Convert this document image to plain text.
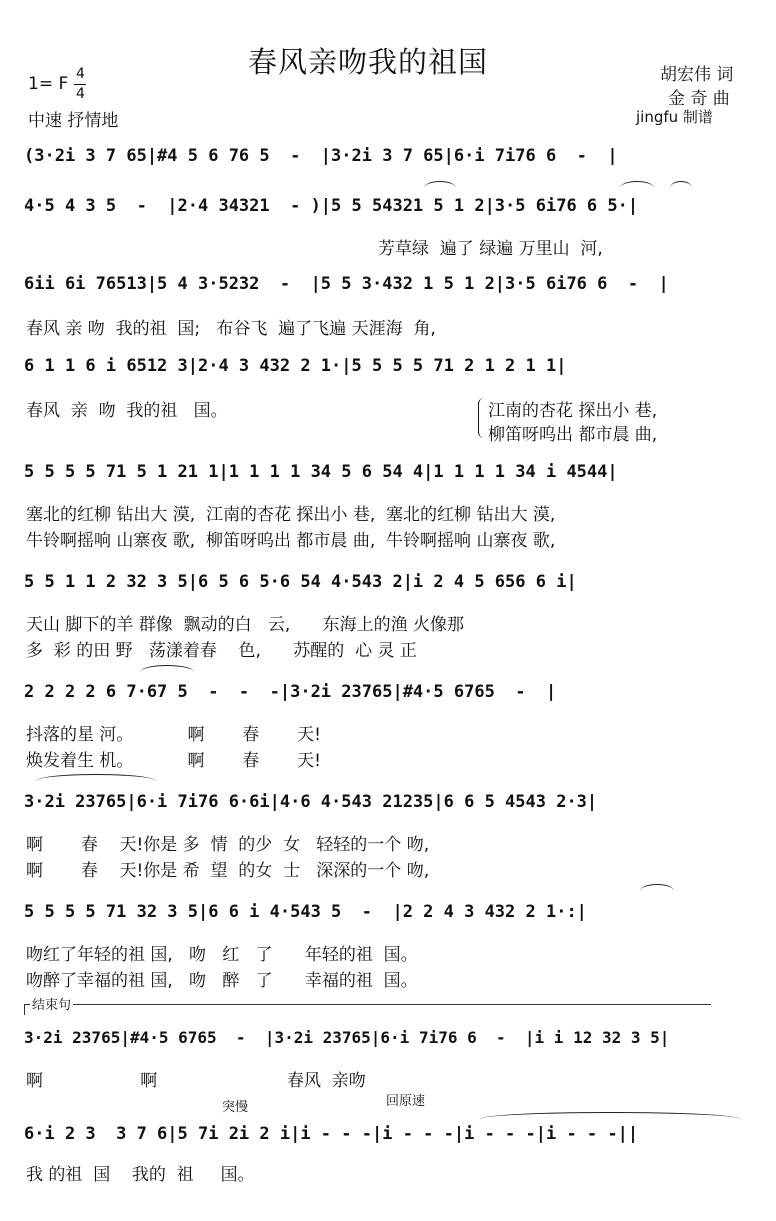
春风亲吻我的祖国	胡宏伟 词
金 奇 曲
jingfu 制谱
1= F 4
4
中速 抒情地
(3·2i 3 7 65|#4 5 6 76 5  -  |3·2i 3 7 65|6·i 7i76 6  -  |
4·5 4 3 5  -  |2·4 34321  - )|5 5 54321 5 1 2|3·5 6i76 6 5·|
芳草绿  遍了 绿遍 万里山  河,
6ii 6i 76513|5 4 3·5232  -  |5 5 3·432 1 5 1 2|3·5 6i76 6  -  |
春风 亲 吻  我的祖  国;   布谷飞  遍了飞遍 天涯海  角,
6 1 1 6 i 6512 3|2·4 3 432 2 1·|5 5 5 5 71 2 1 2 1 1|
春风  亲  吻  我的祖   国。	江南的杏花 探出小 巷,
柳笛呀呜出 都市晨 曲,
5 5 5 5 71 5 1 21 1|1 1 1 1 34 5 6 54 4|1 1 1 1 34 i 4544|
塞北的红柳 钻出大 漠,  江南的杏花 探出小 巷,  塞北的红柳 钻出大 漠,
牛铃啊摇响 山寨夜 歌,  柳笛呀呜出 都市晨 曲,  牛铃啊摇响 山寨夜 歌,
5 5 1 1 2 32 3 5|6 5 6 5·6 54 4·543 2|i 2 4 5 656 6 i|
天山 脚下的羊 群像  飘动的白   云,      东海上的渔 火像那
多  彩 的田 野   荡漾着春    色,      苏醒的  心 灵 正
2 2 2 2 6 7·67 5  -  -  -|3·2i 23765|#4·5 6765  -  |
抖落的星 河。          啊       春       天!
焕发着生 机。          啊       春       天!
3·2i 23765|6·i 7i76 6·6i|4·6 4·543 21235|6 6 5 4543 2·3|
啊       春    天!你是 多  情  的少  女   轻轻的一个 吻,
啊       春    天!你是 希  望  的女  士   深深的一个 吻,
5 5 5 5 71 32 3 5|6 6 i 4·543 5  -  |2 2 4 3 432 2 1·:|
吻红了年轻的祖 国,   吻   红   了      年轻的祖  国。
吻醉了幸福的祖 国,   吻   醉   了      幸福的祖  国。
结束句
3·2i 23765|#4·5 6765  -  |3·2i 23765|6·i 7i76 6  -  |i i 12 32 3 5|
啊                  啊                        春风  亲吻
突慢	回原速
6·i 2 3  3 7 6|5 7i 2i 2 i|i - - -|i - - -|i - - -|i - - -||
我 的祖  国    我的  祖     国。
